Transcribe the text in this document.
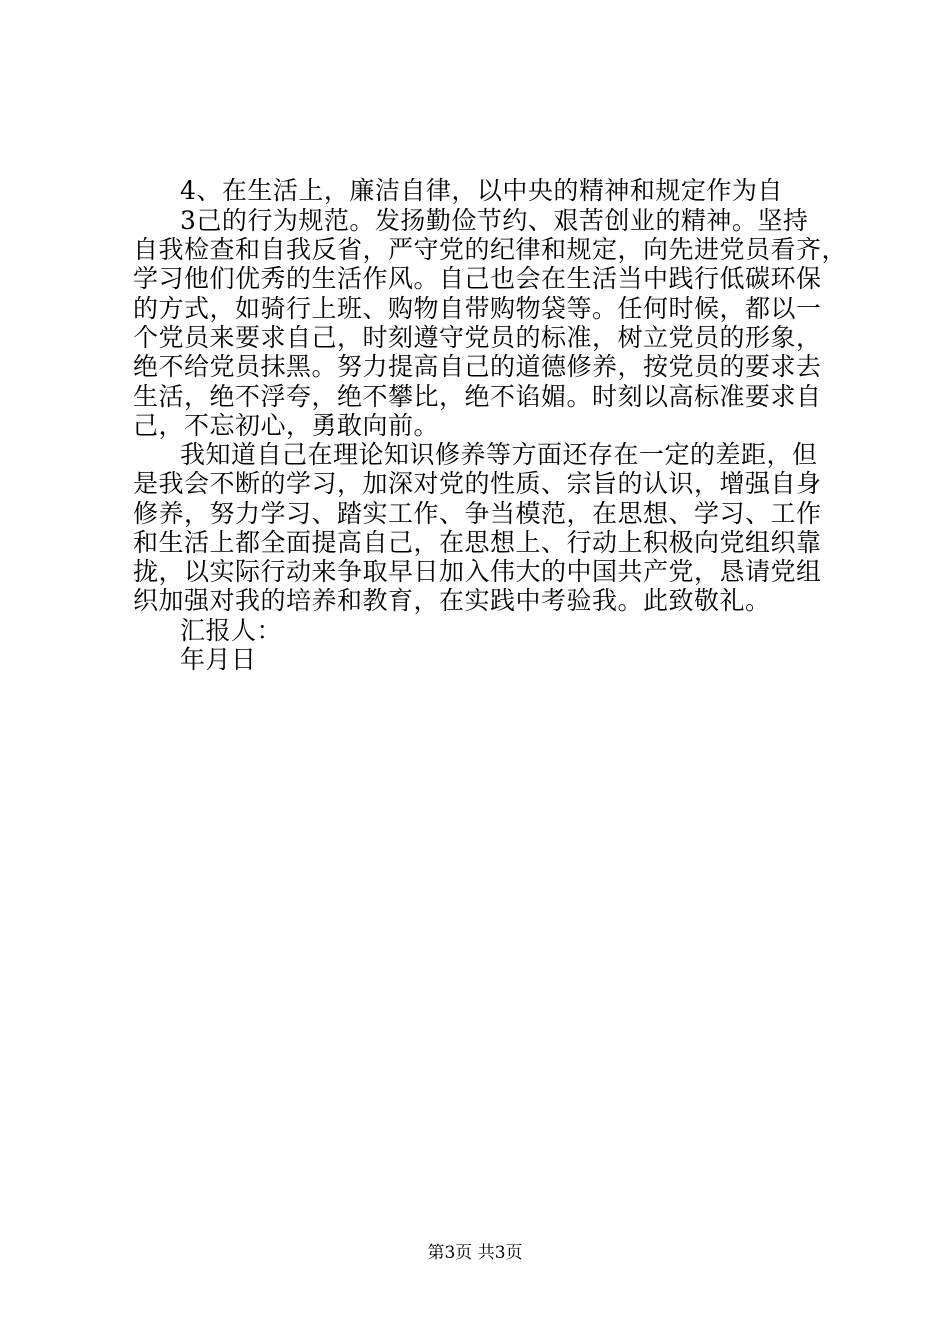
4、在生活上，廉洁自律，以中央的精神和规定作为自
3己的行为规范。发扬勤俭节约、艰苦创业的精神。坚持
自我检查和自我反省，严守党的纪律和规定，向先进党员看齐，
学习他们优秀的生活作风。自己也会在生活当中践行低碳环保
的方式，如骑行上班、购物自带购物袋等。任何时候，都以一
个党员来要求自己，时刻遵守党员的标准，树立党员的形象，
绝不给党员抹黑。努力提高自己的道德修养，按党员的要求去
生活，绝不浮夸，绝不攀比，绝不谄媚。时刻以高标准要求自
己，不忘初心，勇敢向前。
我知道自己在理论知识修养等方面还存在一定的差距，但
是我会不断的学习，加深对党的性质、宗旨的认识，增强自身
修养，努力学习、踏实工作、争当模范，在思想、学习、工作
和生活上都全面提高自己，在思想上、行动上积极向党组织靠
拢，以实际行动来争取早日加入伟大的中国共产党，恳请党组
织加强对我的培养和教育，在实践中考验我。此致敬礼。
汇报人：
年月日
第3页 共3页
